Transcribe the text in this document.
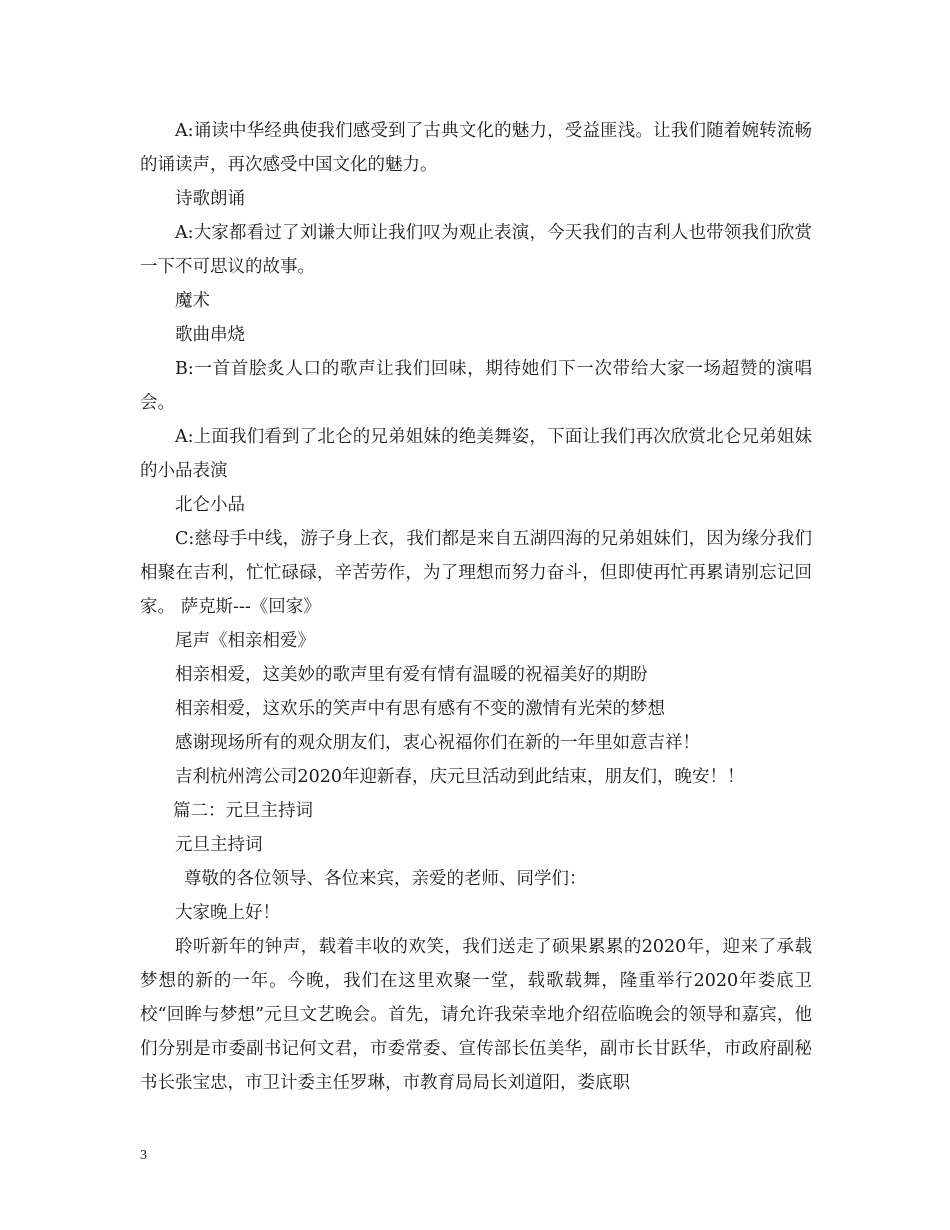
A:诵读中华经典使我们感受到了古典文化的魅力，受益匪浅。让我们随着婉转流畅的诵读声，再次感受中国文化的魅力。

诗歌朗诵

A:大家都看过了刘谦大师让我们叹为观止表演，今天我们的吉利人也带领我们欣赏一下不可思议的故事。

魔术

歌曲串烧

B:一首首脍炙人口的歌声让我们回味，期待她们下一次带给大家一场超赞的演唱会。

A:上面我们看到了北仑的兄弟姐妹的绝美舞姿，下面让我们再次欣赏北仑兄弟姐妹的小品表演

北仑小品

C:慈母手中线，游子身上衣，我们都是来自五湖四海的兄弟姐妹们，因为缘分我们相聚在吉利，忙忙碌碌，辛苦劳作，为了理想而努力奋斗，但即使再忙再累请别忘记回家。 萨克斯---《回家》

尾声《相亲相爱》

相亲相爱，这美妙的歌声里有爱有情有温暖的祝福美好的期盼

相亲相爱，这欢乐的笑声中有思有感有不变的激情有光荣的梦想

感谢现场所有的观众朋友们，衷心祝福你们在新的一年里如意吉祥！

吉利杭州湾公司2020年迎新春，庆元旦活动到此结束，朋友们，晚安！！

篇二：元旦主持词

元旦主持词

尊敬的各位领导、各位来宾，亲爱的老师、同学们：

大家晚上好！

聆听新年的钟声，载着丰收的欢笑，我们送走了硕果累累的2020年，迎来了承载梦想的新的一年。今晚，我们在这里欢聚一堂，载歌载舞，隆重举行2020年娄底卫校“回眸与梦想”元旦文艺晚会。首先，请允许我荣幸地介绍莅临晚会的领导和嘉宾，他们分别是市委副书记何文君，市委常委、宣传部长伍美华，副市长甘跃华，市政府副秘书长张宝忠，市卫计委主任罗琳，市教育局局长刘道阳，娄底职

3
